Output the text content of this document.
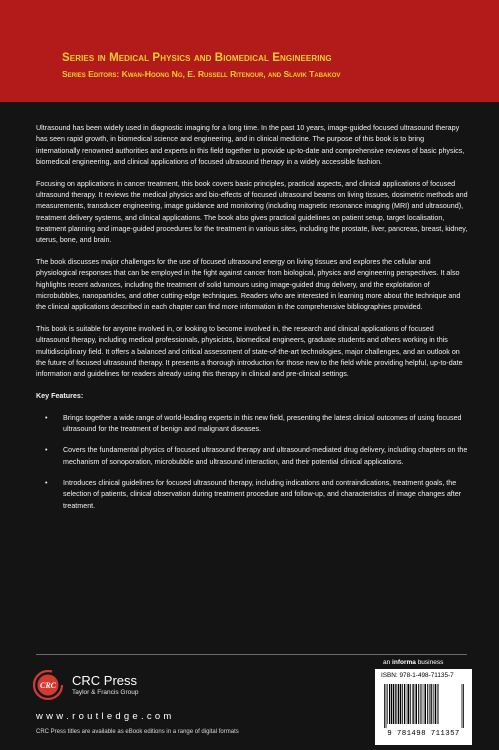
Series in Medical Physics and Biomedical Engineering
Series Editors: Kwan-Hoong Ng, E. Russell Ritenour, and Slavik Tabakov

Ultrasound has been widely used in diagnostic imaging for a long time. In the past 10 years, image-guided focused ultrasound therapy has seen rapid growth, in biomedical science and engineering, and in clinical medicine. The purpose of this book is to bring internationally renowned authorities and experts in this field together to provide up-to-date and comprehensive reviews of basic physics, biomedical engineering, and clinical applications of focused ultrasound therapy in a widely accessible fashion.

Focusing on applications in cancer treatment, this book covers basic principles, practical aspects, and clinical applications of focused ultrasound therapy. It reviews the medical physics and bio-effects of focused ultrasound beams on living tissues, dosimetric methods and measurements, transducer engineering, image guidance and monitoring (including magnetic resonance imaging (MRI) and ultrasound), treatment delivery systems, and clinical applications. The book also gives practical guidelines on patient setup, target localisation, treatment planning and image-guided procedures for the treatment in various sites, including the prostate, liver, pancreas, breast, kidney, uterus, bone, and brain.

The book discusses major challenges for the use of focused ultrasound energy on living tissues and explores the cellular and physiological responses that can be employed in the fight against cancer from biological, physics and engineering perspectives. It also highlights recent advances, including the treatment of solid tumours using image-guided drug delivery, and the exploitation of microbubbles, nanoparticles, and other cutting-edge techniques. Readers who are interested in learning more about the technique and the clinical applications described in each chapter can find more information in the comprehensive bibliographies provided.

This book is suitable for anyone involved in, or looking to become involved in, the research and clinical applications of focused ultrasound therapy, including medical professionals, physicists, biomedical engineers, graduate students and others working in this multidisciplinary field. It offers a balanced and critical assessment of state-of-the-art technologies, major challenges, and an outlook on the future of focused ultrasound therapy. It presents a thorough introduction for those new to the field while providing helpful, up-to-date information and guidelines for readers already using this therapy in clinical and pre-clinical settings.

Key Features:

• Brings together a wide range of world-leading experts in this new field, presenting the latest clinical outcomes of using focused ultrasound for the treatment of benign and malignant diseases.
• Covers the fundamental physics of focused ultrasound therapy and ultrasound-mediated drug delivery, including chapters on the mechanism of sonoporation, microbubble and ultrasound interaction, and their potential clinical applications.
• Introduces clinical guidelines for focused ultrasound therapy, including indications and contraindications, treatment goals, the selection of patients, clinical observation during treatment procedure and follow-up, and characteristics of image changes after treatment.
CRC CRC Press
Taylor & Francis Group
w w w . r o u t l e d g e . c o m
CRC Press titles are available as eBook editions in a range of digital formats
an informa business
ISBN: 978-1-498-71135-7
9 781498 711357
